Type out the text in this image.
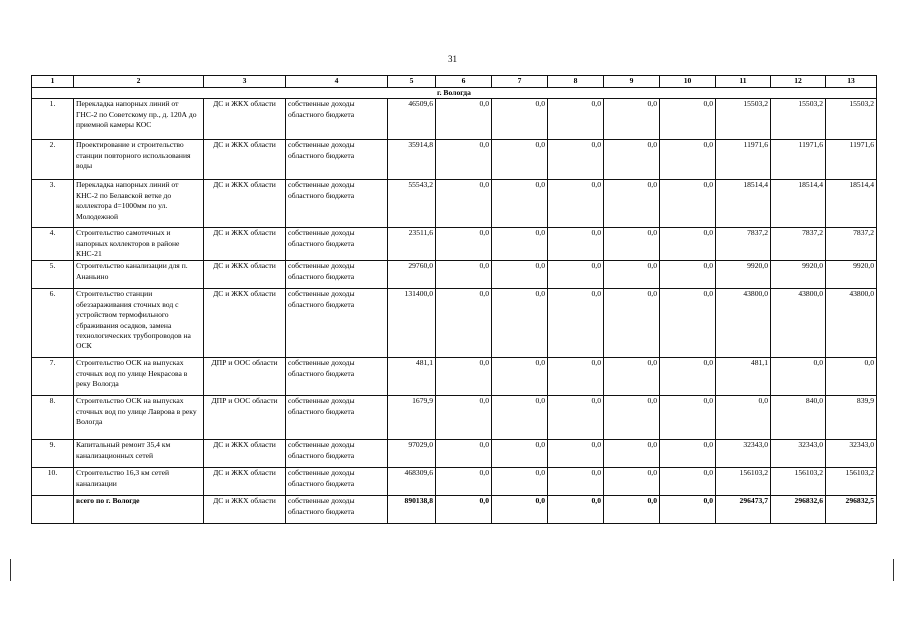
31
1	2	3	4	5	6	7	8	9	10	11	12	13
г. Вологда												
1.	Перекладка напорных линий от ГНС-2 по Советскому пр., д. 120А до приемной камеры КОС	ДС и ЖКХ области	собственные доходы областного бюджета	46509,6	0,0	0,0	0,0	0,0	0,0	15503,2	15503,2	15503,2
2.	Проектирование и строительство станции повторного использования воды	ДС и ЖКХ области	собственные доходы областного бюджета	35914,8	0,0	0,0	0,0	0,0	0,0	11971,6	11971,6	11971,6
3.	Перекладка напорных линий от КНС-2 по Белавской ветке до коллектора d=1000мм по ул. Молодежной	ДС и ЖКХ области	собственные доходы областного бюджета	55543,2	0,0	0,0	0,0	0,0	0,0	18514,4	18514,4	18514,4
4.	Строительство самотечных и напорных коллекторов в районе КНС-21	ДС и ЖКХ области	собственные доходы областного бюджета	23511,6	0,0	0,0	0,0	0,0	0,0	7837,2	7837,2	7837,2
5.	Строительство канализации для п. Ананьино	ДС и ЖКХ области	собственные доходы областного бюджета	29760,0	0,0	0,0	0,0	0,0	0,0	9920,0	9920,0	9920,0
6.	Строительство станции обеззараживания сточных вод с устройством термофильного сбраживания осадков, замена технологических трубопроводов на ОСК	ДС и ЖКХ области	собственные доходы областного бюджета	131400,0	0,0	0,0	0,0	0,0	0,0	43800,0	43800,0	43800,0
7.	Строительство ОСК на выпусках сточных вод по улице Некрасова в реку Вологда	ДПР и ООС области	собственные доходы областного бюджета	481,1	0,0	0,0	0,0	0,0	0,0	481,1	0,0	0,0
8.	Строительство ОСК на выпусках сточных вод по улице Лаврова в реку Вологда	ДПР и ООС области	собственные доходы областного бюджета	1679,9	0,0	0,0	0,0	0,0	0,0	0,0	840,0	839,9
9.	Капитальный ремонт 35,4 км канализационных сетей	ДС и ЖКХ области	собственные доходы областного бюджета	97029,0	0,0	0,0	0,0	0,0	0,0	32343,0	32343,0	32343,0
10.	Строительство 16,3 км сетей канализации	ДС и ЖКХ области	собственные доходы областного бюджета	468309,6	0,0	0,0	0,0	0,0	0,0	156103,2	156103,2	156103,2
	всего по г. Вологде	ДС и ЖКХ области	собственные доходы областного бюджета	890138,8	0,0	0,0	0,0	0,0	0,0	296473,7	296832,6	296832,5
